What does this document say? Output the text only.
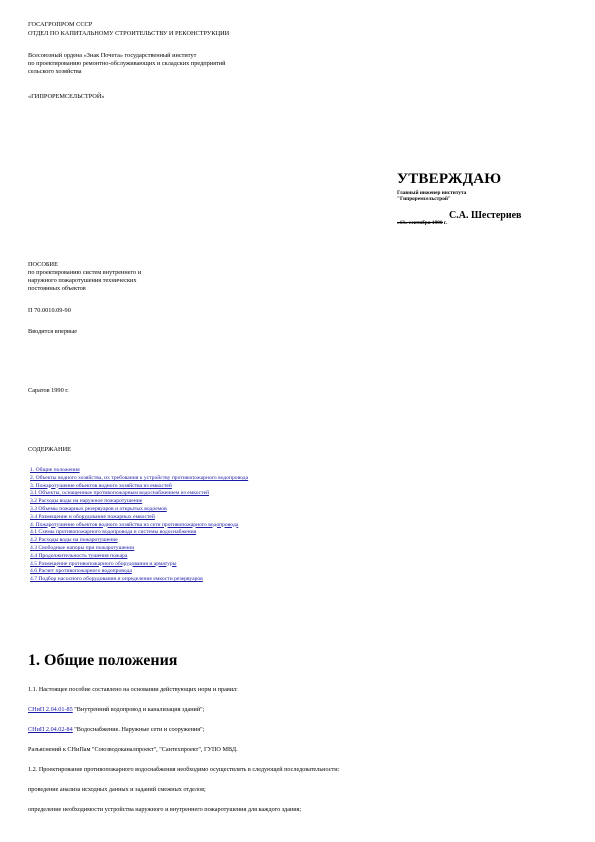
ГОСАГРОПРОМ СССР
ОТДЕЛ ПО КАПИТАЛЬНОМУ СТРОИТЕЛЬСТВУ И РЕКОНСТРУКЦИИ
Всесоюзный ордена «Знак Почета» государственный институт
по проектированию ремонтно-обслуживающих и складских предприятий
сельского хозяйства
«ГИПРОРЕМСЕЛЬСТРОЙ»
УТВЕРЖДАЮ
Главный инженер института
"Гипроремсельстрой"
С.А. Шестериев
«13» сентября 1990 г.
ПОСОБИЕ
по проектированию систем внутреннего и
наружного пожаротушения технических
постоянных объектов
П 70.0010.09-90
Вводится впервые
Саратов 1990 г.
СОДЕРЖАНИЕ
1. Общие положения
2. Объекты водного хозяйства, их требования к устройству противопожарного водопровода
3. Пожаротушение объектов водного хозяйства из емкостей
3.1 Объекты, оснащенные противопожарным водоснабжением из емкостей
3.2 Расходы воды на наружное пожаротушение
3.3 Объемы пожарных резервуаров и открытых водоемов
3.4 Размещение и оборудование пожарных емкостей
4. Пожаротушение объектов водного хозяйства из сети противопожарного водопровода
4.1 Схемы противопожарного водопровода и системы водоснабжения
4.2 Расходы воды на пожаротушение
4.3 Свободные напоры при пожаротушении
4.4 Продолжительность тушения пожара
4.5 Размещение противопожарного оборудования и арматуры
4.6 Расчет противопожарного водопровода
4.7 Подбор насосного оборудования и определение емкости резервуаров
1. Общие положения
1.1. Настоящее пособие составлено на основании действующих норм и правил:
СНиП 2.04.01-85 "Внутренний водопровод и канализация зданий";
СНиП 2.04.02-84 "Водоснабжение. Наружные сети и сооружения";
Разъяснений к СНиПам "Союзводоканалпроект", "Сантехпроект", ГУПО МВД.
1.2. Проектирование противопожарного водоснабжения необходимо осуществлять в следующей последовательности:
проведение анализа исходных данных и заданий смежных отделов;
определение необходимости устройства наружного и внутреннего пожаротушения для каждого здания;
